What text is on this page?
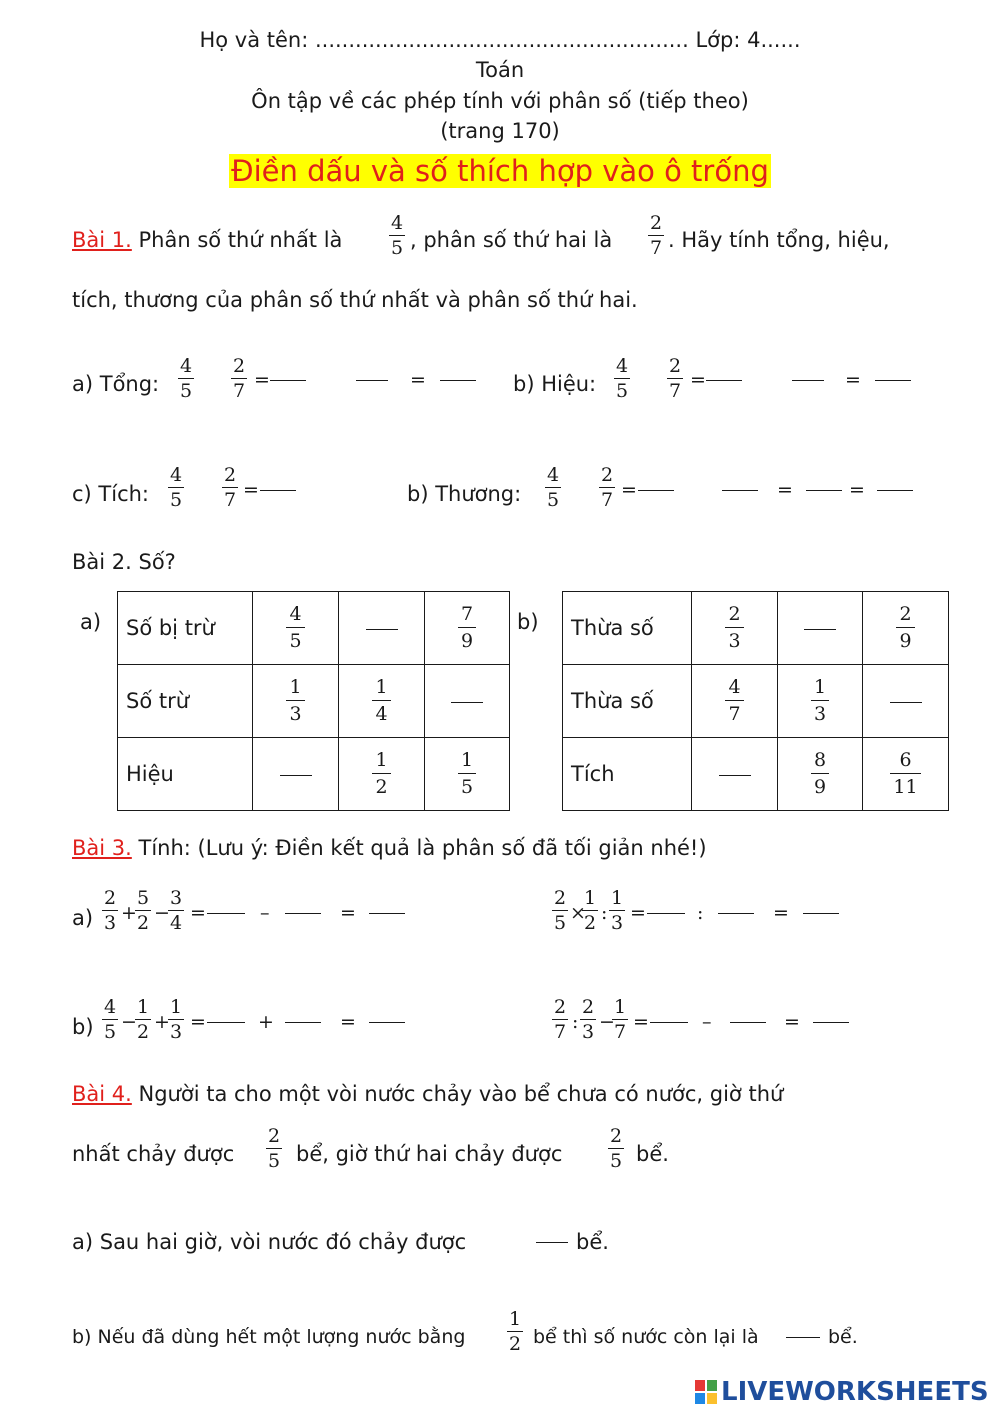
Họ và tên: ........................................................ Lớp: 4......
Toán
Ôn tập về các phép tính với phân số (tiếp theo)
(trang 170)
Điền dấu và số thích hợp vào ô trống
Bài 1. Phân số thứ nhất là
4
5 , phân số thứ hai là
2
7 . Hãy tính tổng, hiệu,
tích, thương của phân số thứ nhất và phân số thứ hai.
a) Tổng:
4
5
2
7 =	=	b) Hiệu:
4
5
2
7 =	=
c) Tích:
4
5
2
7 =	b) Thương:
4
5
2
7 =	=	=
Bài 2. Số?
a)	b)
Số bị trừ	$\frac{4}{5}$		$\frac{7}{9}$

Số trừ	$\frac{1}{3}$	$\frac{1}{4}$

Hiệu		$\frac{1}{2}$	$\frac{1}{5}$
Thừa số	$\frac{2}{3}$		$\frac{2}{9}$

Thừa số	$\frac{4}{7}$	$\frac{1}{3}$

Tích		$\frac{8}{9}$	$\frac{6}{11}$
Bài 3. Tính: (Lưu ý: Điền kết quả là phân số đã tối giản nhé!)
a)
2
3 +
5
2 −
3
4 =	–	=
2
5 ×
1
2 :
1
3 =	:	=
b)
4
5 −
1
2 +
1
3 =	+	=
2
7 :
2
3 −
1
7 =	–	=
Bài 4. Người ta cho một vòi nước chảy vào bể chưa có nước, giờ thứ
nhất chảy được
2
5 bể, giờ thứ hai chảy được
2
5 bể.
a) Sau hai giờ, vòi nước đó chảy được	bể.
b) Nếu đã dùng hết một lượng nước bằng
1
2 bể thì số nước còn lại là	bể.
LIVEWORKSHEETS
